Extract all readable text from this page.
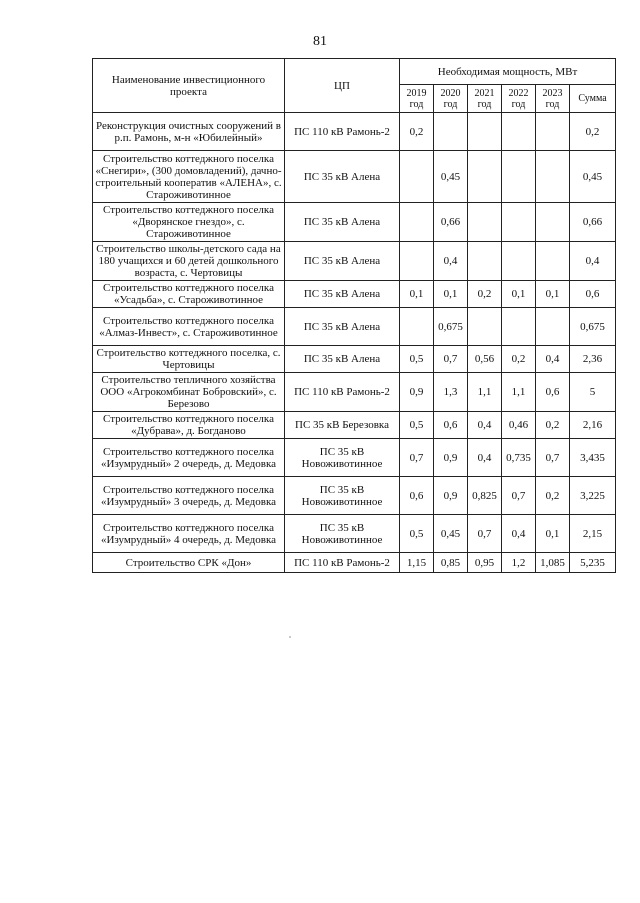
81
Наименование инвестиционного проекта	ЦП	Необходимая мощность, МВт					
		2019 год	2020 год	2021 год	2022 год	2023 год	Сумма
Реконструкция очистных сооружений в р.п. Рамонь, м-н «Юбилейный»	ПС 110 кВ Рамонь-2	0,2					0,2
Строительство коттеджного поселка «Снегири», (300 домовладений), дачно-строительный кооператив «АЛЕНА», с. Староживотинное	ПС 35 кВ Алена		0,45				0,45
Строительство коттеджного поселка «Дворянское гнездо», с. Староживотинное	ПС 35 кВ Алена		0,66				0,66
Строительство школы-детского сада на 180 учащихся и 60 детей дошкольного возраста, с. Чертовицы	ПС 35 кВ Алена		0,4				0,4
Строительство коттеджного поселка «Усадьба», с. Староживотинное	ПС 35 кВ Алена	0,1	0,1	0,2	0,1	0,1	0,6
Строительство коттеджного поселка «Алмаз-Инвест», с. Староживотинное	ПС 35 кВ Алена		0,675				0,675
Строительство коттеджного поселка, с. Чертовицы	ПС 35 кВ Алена	0,5	0,7	0,56	0,2	0,4	2,36
Строительство тепличного хозяйства ООО «Агрокомбинат Бобровский», с. Березово	ПС 110 кВ Рамонь-2	0,9	1,3	1,1	1,1	0,6	5
Строительство коттеджного поселка «Дубрава», д. Богданово	ПС 35 кВ Березовка	0,5	0,6	0,4	0,46	0,2	2,16
Строительство коттеджного поселка «Изумрудный» 2 очередь, д. Медовка	ПС 35 кВ Новоживотинное	0,7	0,9	0,4	0,735	0,7	3,435
Строительство коттеджного поселка «Изумрудный» 3 очередь, д. Медовка	ПС 35 кВ Новоживотинное	0,6	0,9	0,825	0,7	0,2	3,225
Строительство коттеджного поселка «Изумрудный» 4 очередь, д. Медовка	ПС 35 кВ Новоживотинное	0,5	0,45	0,7	0,4	0,1	2,15
Строительство СРК «Дон»	ПС 110 кВ Рамонь-2	1,15	0,85	0,95	1,2	1,085	5,235
